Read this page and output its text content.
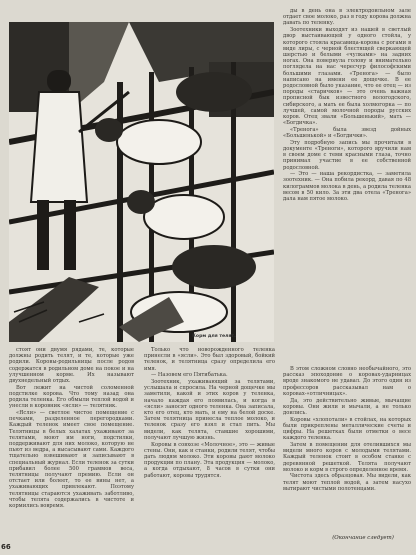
Корм для телят.

ды в день она в электродоильном зале отдает свое молоко, раз в году корова должна давать по теленку.

Зоотехники выходят из нашей в светлый двор выстаивающей у одного стойла, у которого стояла красавица-корова с рогами в виде лиры, с черной блестящей сверкающей шерстью и белыми «чулками» на задних ногах. Она повернула голову и внимательно поглядела на нас чересчур философскими большими глазами. «Тренога» — было написано на имени ее дощечке. В ее родословной было указание, что ее отец — из породы «старичков» — это очень важная прописной бык известного вологодского, сибирского, а мать ее была холмогорка — по лучшей, самой молочной породы русских коров. Отец звали «Большенький», мать — «Богдичка».

«Тренога» была звезд дойных «Большенькой» и «Богдички».

Эту подробную запись мы прочитали в документе «Треноги», которого вручили нам в своем доме с теми красными глаза, точно принимал участие в ее собственной родословной.

— Это — наша рекордистка, — заметила зоотехник. — Она побила рекорд, давая по 48 килограммов молока в день, а родила теленка весом в 50 кило. За эти два отела «Тренога» дала нам пятое молоко.

В этом сложном словно необычайного, это рассказ эпоходоние о коровах-ударницах вроде знакомого не удавал. До этого один из профессоров рассказывал нам о коровах-«отличницах».

Да, это действительно живые, мычащие коровы. Они жили и мычали, а не только доились.

Коровы «хлопотали» в стойлах, на которых были прикреплены металлические счеты и цифры. На решетках были отметки о весе каждого теленка.

Затем в помещении для отелившихся мы видели много коров с молодыми телятами. Каждый теленок стоит в особом станке с деревянной решеткой. Телята получают молоко и корм в строго определенное время.

Чистота здесь образцовая. Мы видели, как телят моют теплой водой, а затем насухо вытирают чистыми полотенцами.

стоят они двумя рядами, те, которые должны родить телят, и те, которые уже родили. Коровы-родильницы после родов содержатся в родильном доме на покое и на улучшенном корме. Их называют двухнедельный отдых.

Вот лежит на чистой соломенной подстилке корова. Что тому назад она родила теленка. Его обмыли теплой водой и унесли в коровник «ясли» — телятник.

«Ясли» — светлое чистое помещение с печками, разделенное перегородками. Каждый теленок имеет свое помещение. Телятницы в белых халатах ухаживают за телятами, моют им ноги, подстилки, поддерживают для них молоко, которую не пьют из ведра, а высасывают сами. Каждого тщательно взвешивают и записывают в специальный журнал. Если теленок за сутки прибавил более 500 граммов веса, телятницы получают премию. Если он отстает или болеет, то ее вины нет, а ухаживающих привлекают. Поэтому телятницы стараются ухаживать заботливо, чтобы телята содержались в чистоте и кормились вовремя.

Только что новорожденного теленка принесли в «ясли». Это был здоровый, бойкий теленок, и телятница сразу определила его имя.

— Назовем его Пятибатька.

Зоотехник, ухаживающий за телятами, услышала и спросила. На черной дощечке мы заметили, какой и этих коров у теленка, начало каждая его появилась, и когда в «ясли» заносят одного теленка. Она записала, кто его отец, кто мать, и ему на белой доске. Затем телятница принесла теплое молоко, и теленок сразу его взял и стал пить. Мы видели, как телята, ставшие хорошими, получают лучшую жизнь.

Коровы в совхозе «Молочное», это — живые стены. Они, как и станки, родили телят, чтобы дать людям молоко. Эти коровы дают молоко продукции по плану. Эта продукция — молоко, а когда отдыхают, 8 часов в сутки они работают, коровы трудятся.

66
(Окончание следует)
